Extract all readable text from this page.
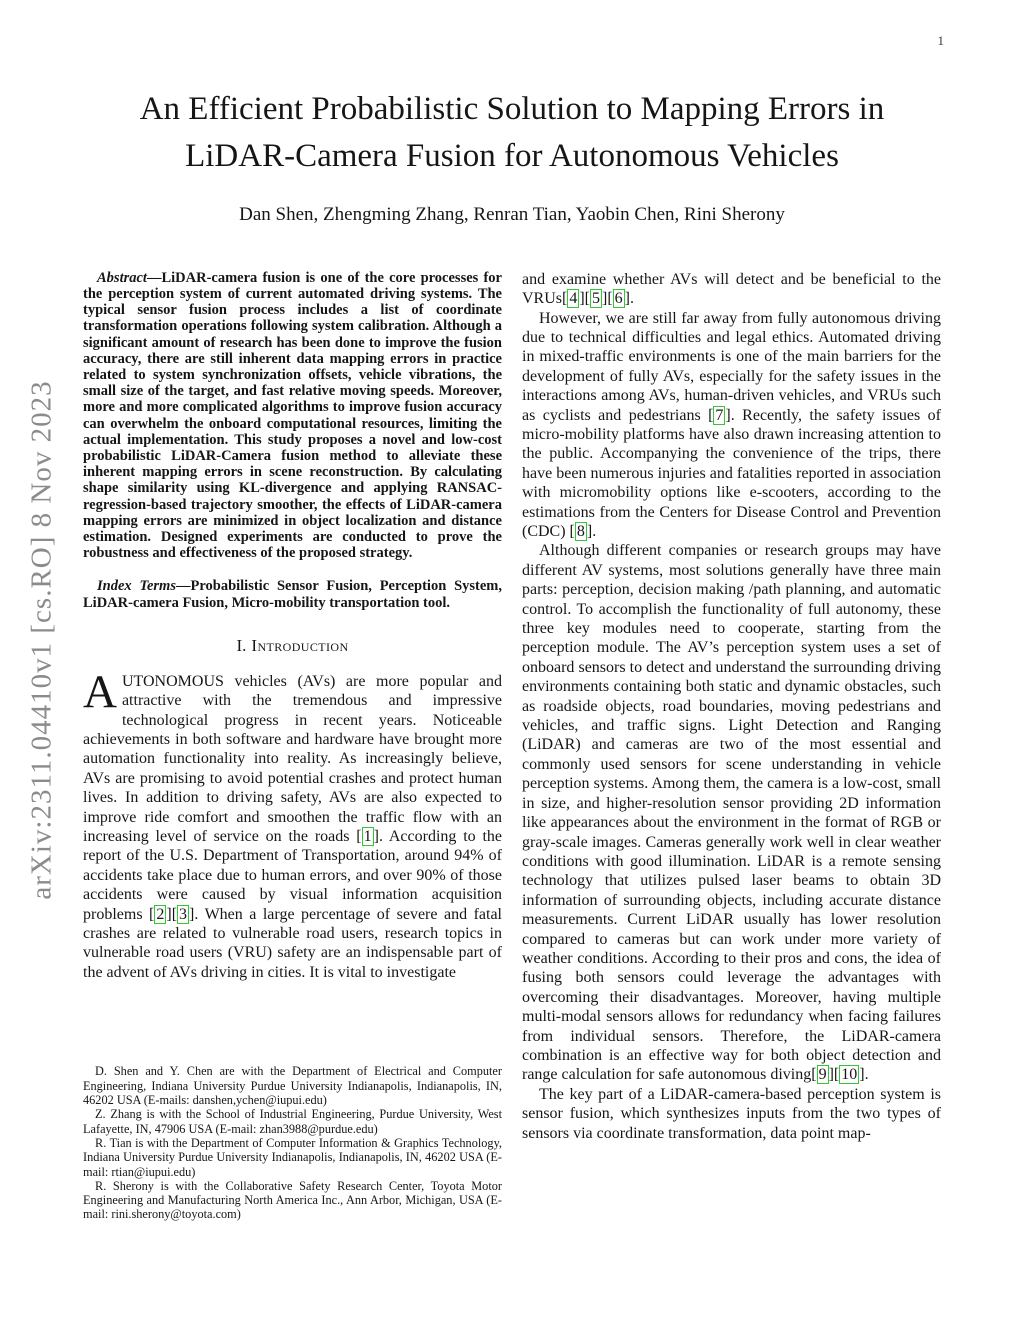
1
arXiv:2311.04410v1 [cs.RO] 8 Nov 2023
An Efficient Probabilistic Solution to Mapping Errors in LiDAR-Camera Fusion for Autonomous Vehicles
Dan Shen, Zhengming Zhang, Renran Tian, Yaobin Chen, Rini Sherony

Abstract—LiDAR-camera fusion is one of the core processes for the perception system of current automated driving systems. The typical sensor fusion process includes a list of coordinate transformation operations following system calibration. Although a significant amount of research has been done to improve the fusion accuracy, there are still inherent data mapping errors in practice related to system synchronization offsets, vehicle vibrations, the small size of the target, and fast relative moving speeds. Moreover, more and more complicated algorithms to improve fusion accuracy can overwhelm the onboard computational resources, limiting the actual implementation. This study proposes a novel and low-cost probabilistic LiDAR-Camera fusion method to alleviate these inherent mapping errors in scene reconstruction. By calculating shape similarity using KL-divergence and applying RANSAC-regression-based trajectory smoother, the effects of LiDAR-camera mapping errors are minimized in object localization and distance estimation. Designed experiments are conducted to prove the robustness and effectiveness of the proposed strategy.

Index Terms—Probabilistic Sensor Fusion, Perception System, LiDAR-camera Fusion, Micro-mobility transportation tool.

I. Introduction

AUTONOMOUS vehicles (AVs) are more popular and attractive with the tremendous and impressive technological progress in recent years. Noticeable achievements in both software and hardware have brought more automation functionality into reality. As increasingly believe, AVs are promising to avoid potential crashes and protect human lives. In addition to driving safety, AVs are also expected to improve ride comfort and smoothen the traffic flow with an increasing level of service on the roads [ 1 ]. According to the report of the U.S. Department of Transportation, around 94% of accidents take place due to human errors, and over 90% of those accidents were caused by visual information acquisition problems [ 2 ][ 3 ]. When a large percentage of severe and fatal crashes are related to vulnerable road users, research topics in vulnerable road users (VRU) safety are an indispensable part of the advent of AVs driving in cities. It is vital to investigate

D. Shen and Y. Chen are with the Department of Electrical and Computer Engineering, Indiana University Purdue University Indianapolis, Indianapolis, IN, 46202 USA (E-mails: danshen,ychen@iupui.edu)

Z. Zhang is with the School of Industrial Engineering, Purdue University, West Lafayette, IN, 47906 USA (E-mail: zhan3988@purdue.edu)

R. Tian is with the Department of Computer Information & Graphics Technology, Indiana University Purdue University Indianapolis, Indianapolis, IN, 46202 USA (E-mail: rtian@iupui.edu)

R. Sherony is with the Collaborative Safety Research Center, Toyota Motor Engineering and Manufacturing North America Inc., Ann Arbor, Michigan, USA (E-mail: rini.sherony@toyota.com)

and examine whether AVs will detect and be beneficial to the VRUs[ 4 ][ 5 ][ 6 ].

However, we are still far away from fully autonomous driving due to technical difficulties and legal ethics. Automated driving in mixed-traffic environments is one of the main barriers for the development of fully AVs, especially for the safety issues in the interactions among AVs, human-driven vehicles, and VRUs such as cyclists and pedestrians [ 7 ]. Recently, the safety issues of micro-mobility platforms have also drawn increasing attention to the public. Accompanying the convenience of the trips, there have been numerous injuries and fatalities reported in association with micromobility options like e-scooters, according to the estimations from the Centers for Disease Control and Prevention (CDC) [ 8 ].

Although different companies or research groups may have different AV systems, most solutions generally have three main parts: perception, decision making /path planning, and automatic control. To accomplish the functionality of full autonomy, these three key modules need to cooperate, starting from the perception module. The AV’s perception system uses a set of onboard sensors to detect and understand the surrounding driving environments containing both static and dynamic obstacles, such as roadside objects, road boundaries, moving pedestrians and vehicles, and traffic signs. Light Detection and Ranging (LiDAR) and cameras are two of the most essential and commonly used sensors for scene understanding in vehicle perception systems. Among them, the camera is a low-cost, small in size, and higher-resolution sensor providing 2D information like appearances about the environment in the format of RGB or gray-scale images. Cameras generally work well in clear weather conditions with good illumination. LiDAR is a remote sensing technology that utilizes pulsed laser beams to obtain 3D information of surrounding objects, including accurate distance measurements. Current LiDAR usually has lower resolution compared to cameras but can work under more variety of weather conditions. According to their pros and cons, the idea of fusing both sensors could leverage the advantages with overcoming their disadvantages. Moreover, having multiple multi-modal sensors allows for redundancy when facing failures from individual sensors. Therefore, the LiDAR-camera combination is an effective way for both object detection and range calculation for safe autonomous diving[ 9 ][ 10 ].

The key part of a LiDAR-camera-based perception system is sensor fusion, which synthesizes inputs from the two types of sensors via coordinate transformation, data point map-
